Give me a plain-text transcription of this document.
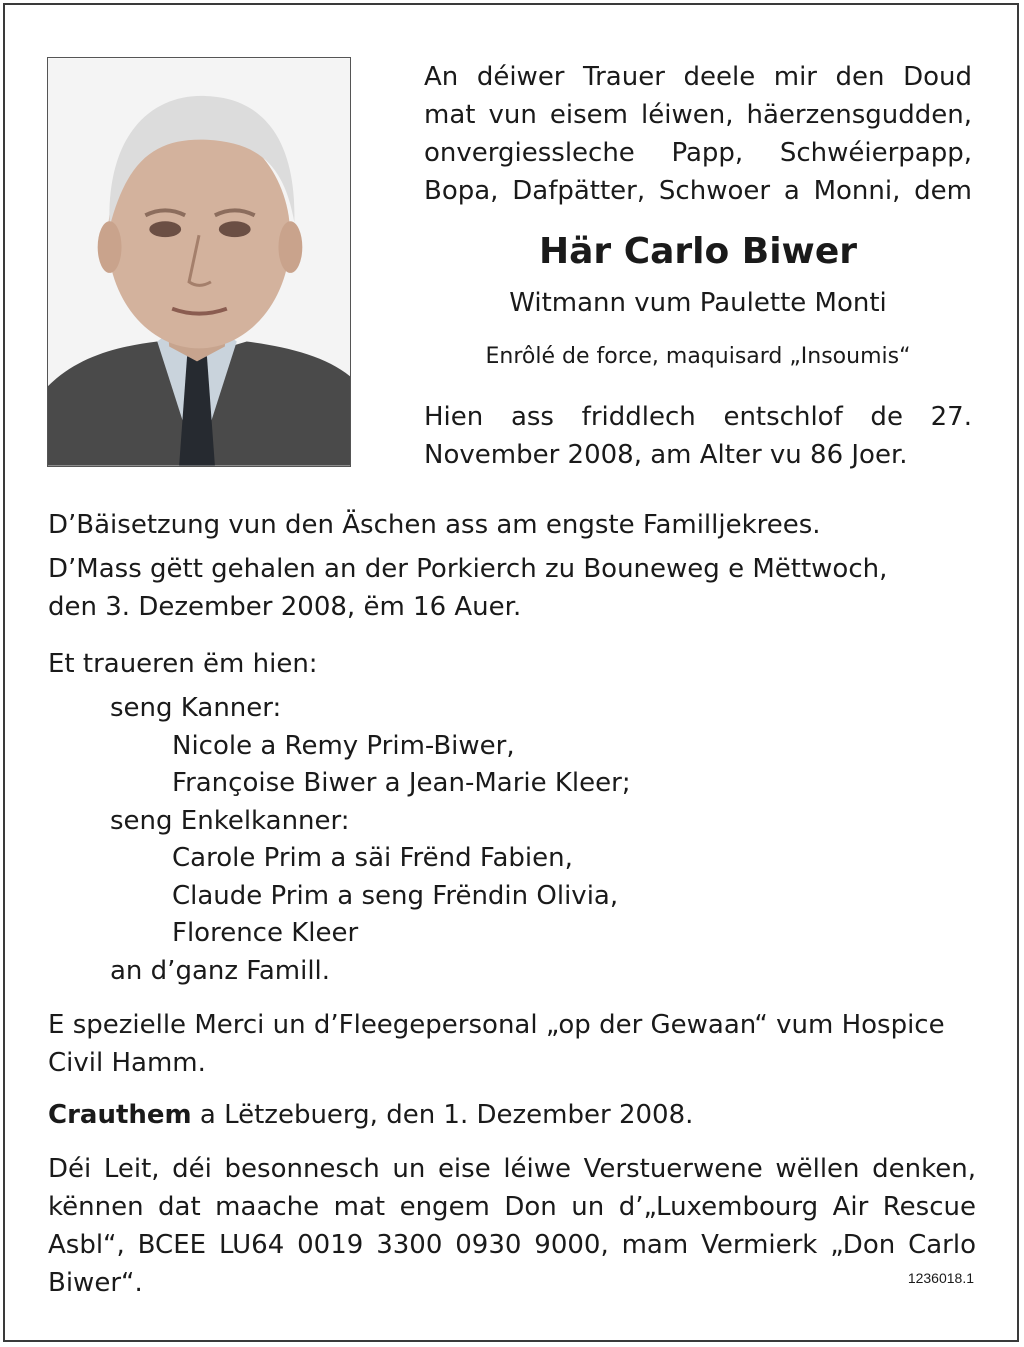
An déiwer Trauer deele mir den Doud
mat vun eisem léiwen, häerzensgudden,
onvergiessleche Papp, Schwéierpapp,
Bopa, Dafpätter, Schwoer a Monni, dem

Här Carlo Biwer

Witmann vum Paulette Monti

Enrôlé de force, maquisard „Insoumis“

Hien ass friddlech entschlof de 27.
November 2008, am Alter vu 86 Joer.

D’Bäisetzung vun den Äschen ass am engste Familljekrees.

D’Mass gëtt gehalen an der Porkierch zu Bouneweg e Mëttwoch,
den 3. Dezember 2008, ëm 16 Auer.

Et traueren ëm hien:

seng Kanner:

Nicole a Remy Prim-Biwer,

Françoise Biwer a Jean-Marie Kleer;

seng Enkelkanner:

Carole Prim a säi Frënd Fabien,

Claude Prim a seng Frëndin Olivia,

Florence Kleer

an d’ganz Famill.

E spezielle Merci un d’Fleegepersonal „op der Gewaan“ vum Hospice
Civil Hamm.

Crauthem a Lëtzebuerg, den 1. Dezember 2008.

Déi Leit, déi besonnesch un eise léiwe Verstuerwene wëllen denken,
kënnen dat maache mat engem Don un d’„Luxembourg Air Rescue
Asbl“, BCEE LU64 0019 3300 0930 9000, mam Vermierk „Don Carlo
Biwer“.	1236018.1
